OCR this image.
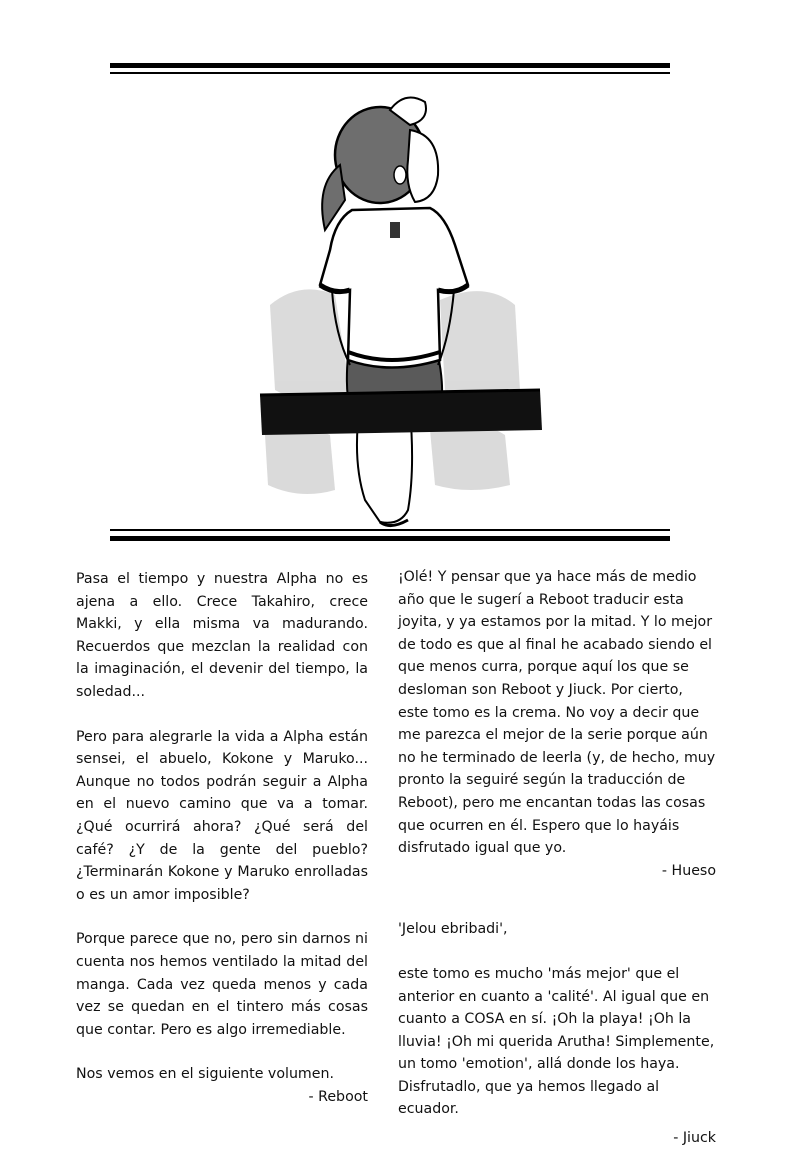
Pasa el tiempo y nuestra Alpha no es ajena a ello. Crece Takahiro, crece Makki, y ella misma va madurando. Recuerdos que mezclan la realidad con la imaginación, el devenir del tiempo, la soledad...

Pero para alegrarle la vida a Alpha están sensei, el abuelo, Kokone y Maruko... Aunque no todos podrán seguir a Alpha en el nuevo camino que va a tomar. ¿Qué ocurrirá ahora? ¿Qué será del café? ¿Y de la gente del pueblo? ¿Terminarán Kokone y Maruko enrolladas o es un amor imposible?

Porque parece que no, pero sin darnos ni cuenta nos hemos ventilado la mitad del manga. Cada vez queda menos y cada vez se quedan en el tintero más cosas que contar. Pero es algo irremediable.

Nos vemos en el siguiente volumen.

- Reboot

¡Olé! Y pensar que ya hace más de medio año que le sugerí a Reboot traducir esta joyita, y ya estamos por la mitad. Y lo mejor de todo es que al final he acabado siendo el que menos curra, porque aquí los que se desloman son Reboot y Jiuck. Por cierto, este tomo es la crema. No voy a decir que me parezca el mejor de la serie porque aún no he terminado de leerla (y, de hecho, muy pronto la seguiré según la traducción de Reboot), pero me encantan todas las cosas que ocurren en él. Espero que lo hayáis disfrutado igual que yo.

- Hueso

'Jelou ebribadi',

este tomo es mucho 'más mejor' que el anterior en cuanto a 'calité'. Al igual que en cuanto a COSA en sí. ¡Oh la playa! ¡Oh la lluvia! ¡Oh mi querida Arutha! Simplemente, un tomo 'emotion', allá donde los haya. Disfrutadlo, que ya hemos llegado al ecuador.

- Jiuck
